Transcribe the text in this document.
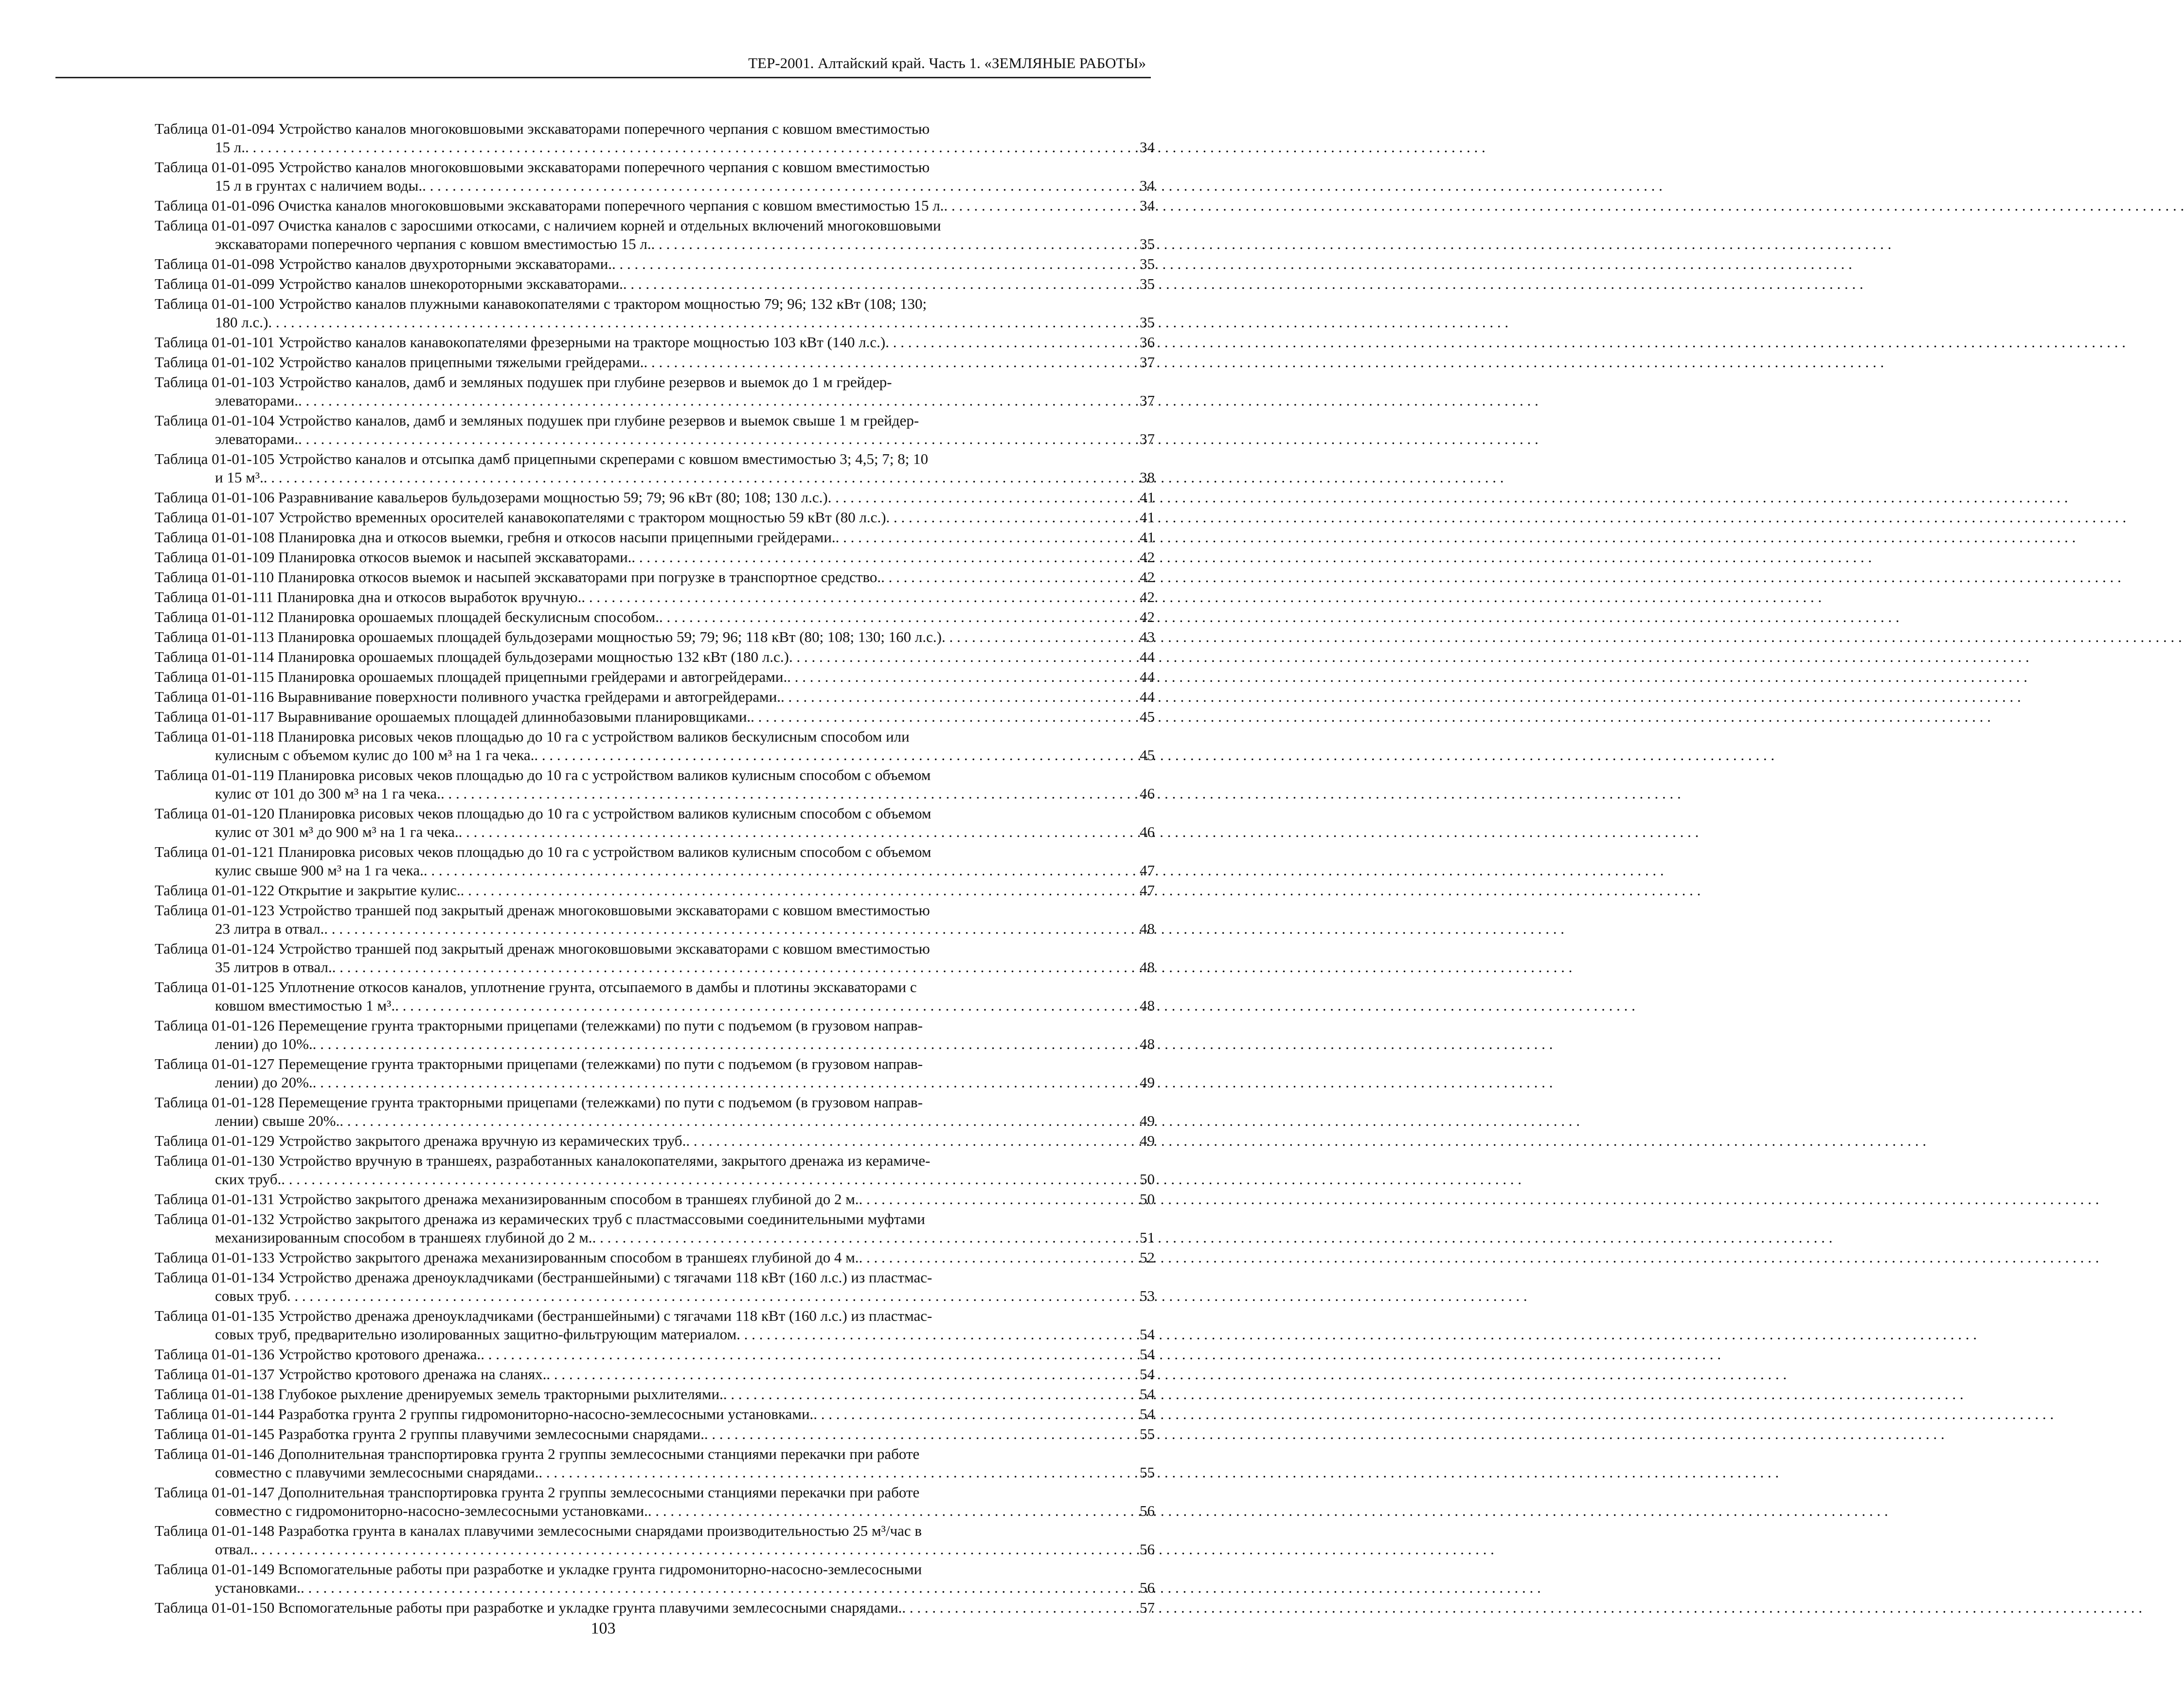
ТЕР-2001. Алтайский край. Часть 1. «ЗЕМЛЯНЫЕ РАБОТЫ»
Таблица 01-01-094 Устройство каналов многоковшовыми экскаваторами поперечного черпания с ковшом вместимостью
15 л. . . .	34
Таблица 01-01-095 Устройство каналов многоковшовыми экскаваторами поперечного черпания с ковшом вместимостью
15 л в грунтах с наличием воды. . . .	34
Таблица 01-01-096 Очистка каналов многоковшовыми экскаваторами поперечного черпания с ковшом вместимостью 15 л. . . .	34
Таблица 01-01-097 Очистка каналов с заросшими откосами, с наличием корней и отдельных включений многоковшовыми
экскаваторами поперечного черпания с ковшом вместимостью 15 л. . . .	35
Таблица 01-01-098 Устройство каналов двухроторными экскаваторами. . . .	35
Таблица 01-01-099 Устройство каналов шнекороторными экскаваторами. . . .	35
Таблица 01-01-100 Устройство каналов плужными канавокопателями с трактором мощностью 79; 96; 132 кВт (108; 130;
180 л.с.) . . .	35
Таблица 01-01-101 Устройство каналов канавокопателями фрезерными на тракторе мощностью 103 кВт (140 л.с.) . . .	36
Таблица 01-01-102 Устройство каналов прицепными тяжелыми грейдерами. . . .	37
Таблица 01-01-103 Устройство каналов, дамб и земляных подушек при глубине резервов и выемок до 1 м грейдер-
элеваторами. . . .	37
Таблица 01-01-104 Устройство каналов, дамб и земляных подушек при глубине резервов и выемок свыше 1 м грейдер-
элеваторами. . . .	37
Таблица 01-01-105 Устройство каналов и отсыпка дамб прицепными скреперами с ковшом вместимостью 3; 4,5; 7; 8; 10
и 15 м³. . . .	38
Таблица 01-01-106 Разравнивание кавальеров бульдозерами мощностью 59; 79; 96 кВт (80; 108; 130 л.с.) . . .	41
Таблица 01-01-107 Устройство временных оросителей канавокопателями с трактором мощностью 59 кВт (80 л.с.) . . .	41
Таблица 01-01-108 Планировка дна и откосов выемки, гребня и откосов насыпи прицепными грейдерами. . . .	41
Таблица 01-01-109 Планировка откосов выемок и насыпей экскаваторами. . . .	42
Таблица 01-01-110 Планировка откосов выемок и насыпей экскаваторами при погрузке в транспортное средство. . . .	42
Таблица 01-01-111 Планировка дна и откосов выработок вручную. . . .	42
Таблица 01-01-112 Планировка орошаемых площадей бескулисным способом. . . .	42
Таблица 01-01-113 Планировка орошаемых площадей бульдозерами мощностью 59; 79; 96; 118 кВт (80; 108; 130; 160 л.с.) . . .	43
Таблица 01-01-114 Планировка орошаемых площадей бульдозерами мощностью 132 кВт (180 л.с.) . . .	44
Таблица 01-01-115 Планировка орошаемых площадей прицепными грейдерами и автогрейдерами. . . .	44
Таблица 01-01-116 Выравнивание поверхности поливного участка грейдерами и автогрейдерами. . . .	44
Таблица 01-01-117 Выравнивание орошаемых площадей длиннобазовыми планировщиками. . . .	45
Таблица 01-01-118 Планировка рисовых чеков площадью до 10 га с устройством валиков бескулисным способом или
кулисным с объемом кулис до 100 м³ на 1 га чека. . . .	45
Таблица 01-01-119 Планировка рисовых чеков площадью до 10 га с устройством валиков кулисным способом с объемом
кулис от 101 до 300 м³ на 1 га чека. . . .	46
Таблица 01-01-120 Планировка рисовых чеков площадью до 10 га с устройством валиков кулисным способом с объемом
кулис от 301 м³ до 900 м³ на 1 га чека. . . .	46
Таблица 01-01-121 Планировка рисовых чеков площадью до 10 га с устройством валиков кулисным способом с объемом
кулис свыше 900 м³ на 1 га чека. . . .	47
Таблица 01-01-122 Открытие и закрытие кулис. . . .	47
Таблица 01-01-123 Устройство траншей под закрытый дренаж многоковшовыми экскаваторами с ковшом вместимостью
23 литра в отвал. . . .	48
Таблица 01-01-124 Устройство траншей под закрытый дренаж многоковшовыми экскаваторами с ковшом вместимостью
35 литров в отвал. . . .	48
Таблица 01-01-125 Уплотнение откосов каналов, уплотнение грунта, отсыпаемого в дамбы и плотины экскаваторами с
ковшом вместимостью 1 м³. . . .	48
Таблица 01-01-126 Перемещение грунта тракторными прицепами (тележками) по пути с подъемом (в грузовом направ-
лении) до 10%. . . .	48
Таблица 01-01-127 Перемещение грунта тракторными прицепами (тележками) по пути с подъемом (в грузовом направ-
лении) до 20%. . . .	49
Таблица 01-01-128 Перемещение грунта тракторными прицепами (тележками) по пути с подъемом (в грузовом направ-
лении) свыше 20%. . . .	49
Таблица 01-01-129 Устройство закрытого дренажа вручную из керамических труб. . . .	49
Таблица 01-01-130 Устройство вручную в траншеях, разработанных каналокопателями, закрытого дренажа из керамиче-
ских труб. . . .	50
Таблица 01-01-131 Устройство закрытого дренажа механизированным способом в траншеях глубиной до 2 м. . . .	50
Таблица 01-01-132 Устройство закрытого дренажа из керамических труб с пластмассовыми соединительными муфтами
механизированным способом в траншеях глубиной до 2 м. . . .	51
Таблица 01-01-133 Устройство закрытого дренажа механизированным способом в траншеях глубиной до 4 м. . . .	52
Таблица 01-01-134 Устройство дренажа дреноукладчиками (бестраншейными) с тягачами 118 кВт (160 л.с.) из пластмас-
совых труб . . .	53
Таблица 01-01-135 Устройство дренажа дреноукладчиками (бестраншейными) с тягачами 118 кВт (160 л.с.) из пластмас-
совых труб, предварительно изолированных защитно-фильтрующим материалом . . .	54
Таблица 01-01-136 Устройство кротового дренажа. . . .	54
Таблица 01-01-137 Устройство кротового дренажа на сланях. . . .	54
Таблица 01-01-138 Глубокое рыхление дренируемых земель тракторными рыхлителями. . . .	54
Таблица 01-01-144 Разработка грунта 2 группы гидромониторно-насосно-землесосными установками. . . .	54
Таблица 01-01-145 Разработка грунта 2 группы плавучими землесосными снарядами. . . .	55
Таблица 01-01-146 Дополнительная транспортировка грунта 2 группы землесосными станциями перекачки при работе
совместно с плавучими землесосными снарядами. . . .	55
Таблица 01-01-147 Дополнительная транспортировка грунта 2 группы землесосными станциями перекачки при работе
совместно с гидромониторно-насосно-землесосными установками. . . .	56
Таблица 01-01-148 Разработка грунта в каналах плавучими землесосными снарядами производительностью 25 м³/час в
отвал. . . .	56
Таблица 01-01-149 Вспомогательные работы при разработке и укладке грунта гидромониторно-насосно-землесосными
установками. . . .	56
Таблица 01-01-150 Вспомогательные работы при разработке и укладке грунта плавучими землесосными снарядами. . . .	57
103
